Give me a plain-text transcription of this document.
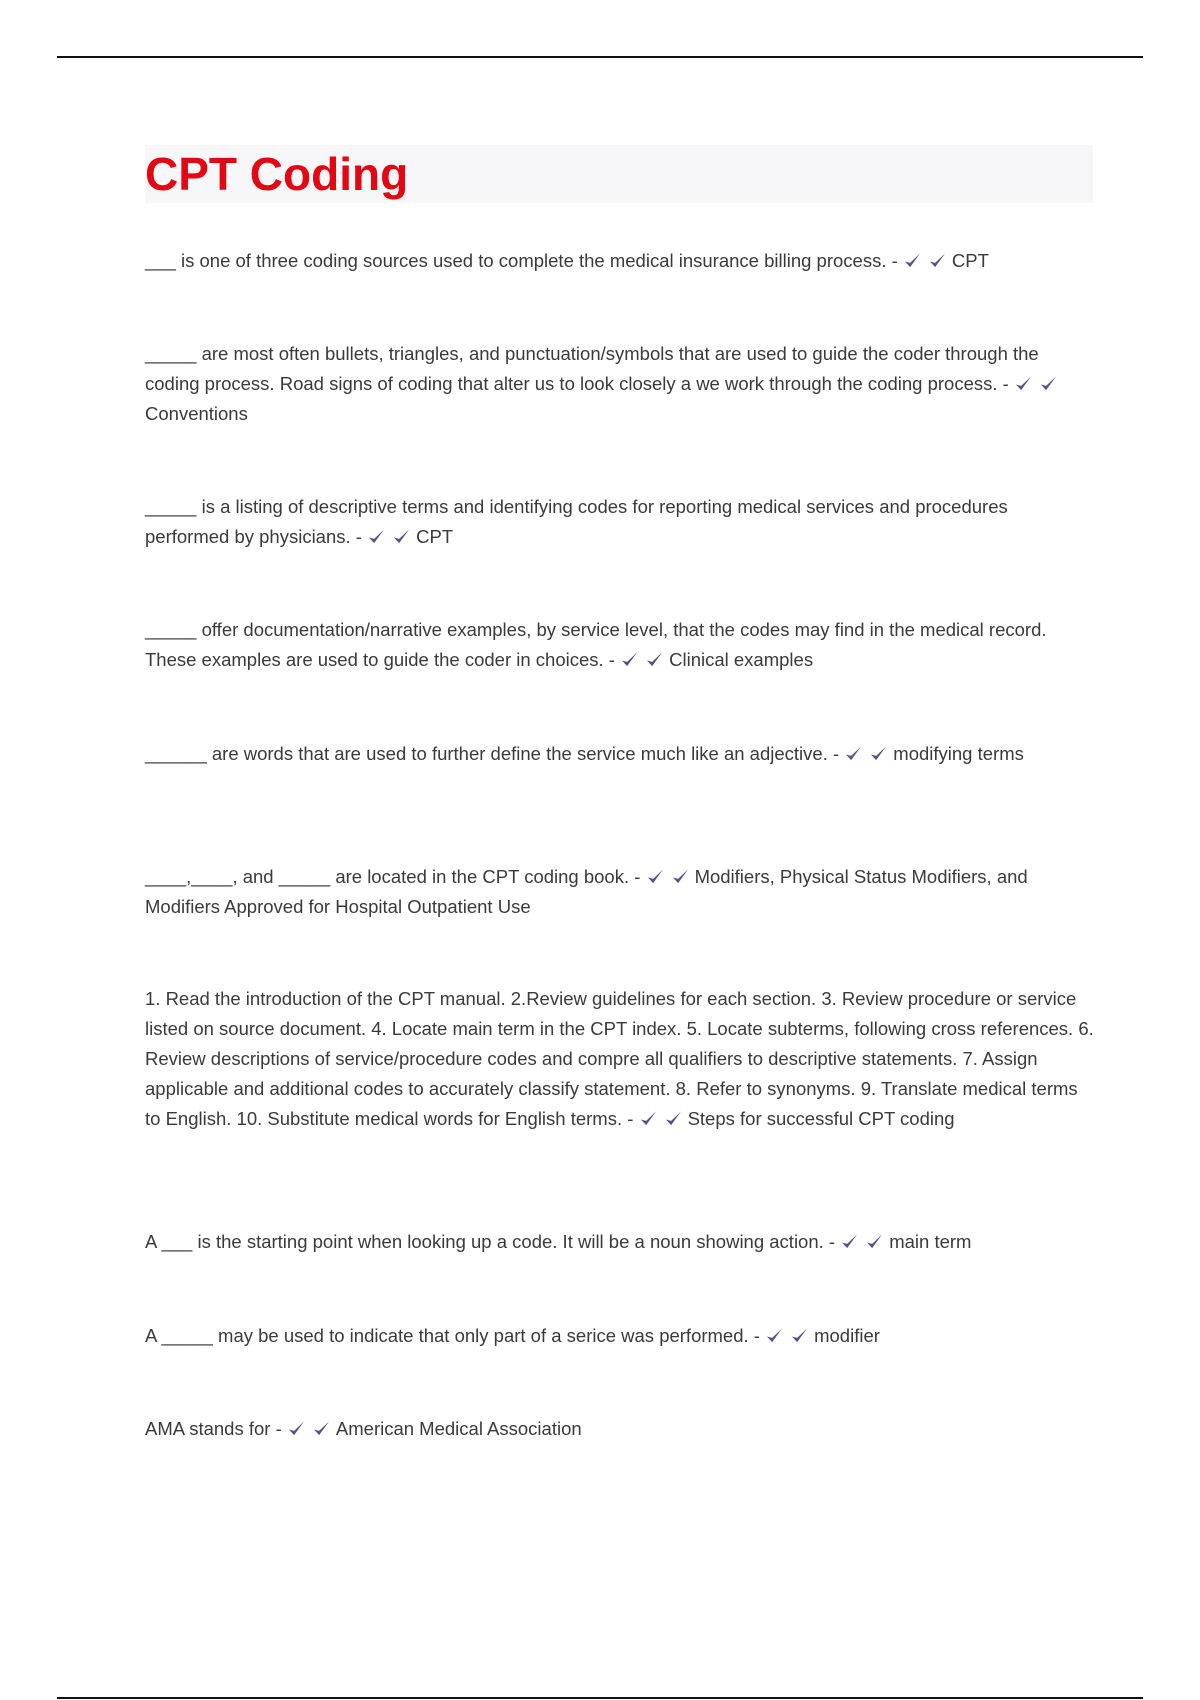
CPT Coding

___ is one of three coding sources used to complete the medical insurance billing process. -	CPT

_____ are most often bullets, triangles, and punctuation/symbols that are used to guide the coder through the coding process. Road signs of coding that alter us to look closely a we work through the coding process. -
Conventions

_____ is a listing of descriptive terms and identifying codes for reporting medical services and procedures performed by physicians. -	CPT

_____ offer documentation/narrative examples, by service level, that the codes may find in the medical record. These examples are used to guide the coder in choices. -	Clinical examples

______ are words that are used to further define the service much like an adjective. -	modifying terms

____,____, and _____ are located in the CPT coding book. -	Modifiers, Physical Status Modifiers, and Modifiers Approved for Hospital Outpatient Use

1. Read the introduction of the CPT manual. 2.Review guidelines for each section. 3. Review procedure or service listed on source document. 4. Locate main term in the CPT index. 5. Locate subterms, following cross references. 6. Review descriptions of service/procedure codes and compre all qualifiers to descriptive statements. 7. Assign applicable and additional codes to accurately classify statement. 8. Refer to synonyms. 9. Translate medical terms to English. 10. Substitute medical words for English terms. -	Steps for successful CPT coding

A ___ is the starting point when looking up a code. It will be a noun showing action. -	main term

A _____ may be used to indicate that only part of a serice was performed. -	modifier

AMA stands for -	American Medical Association
